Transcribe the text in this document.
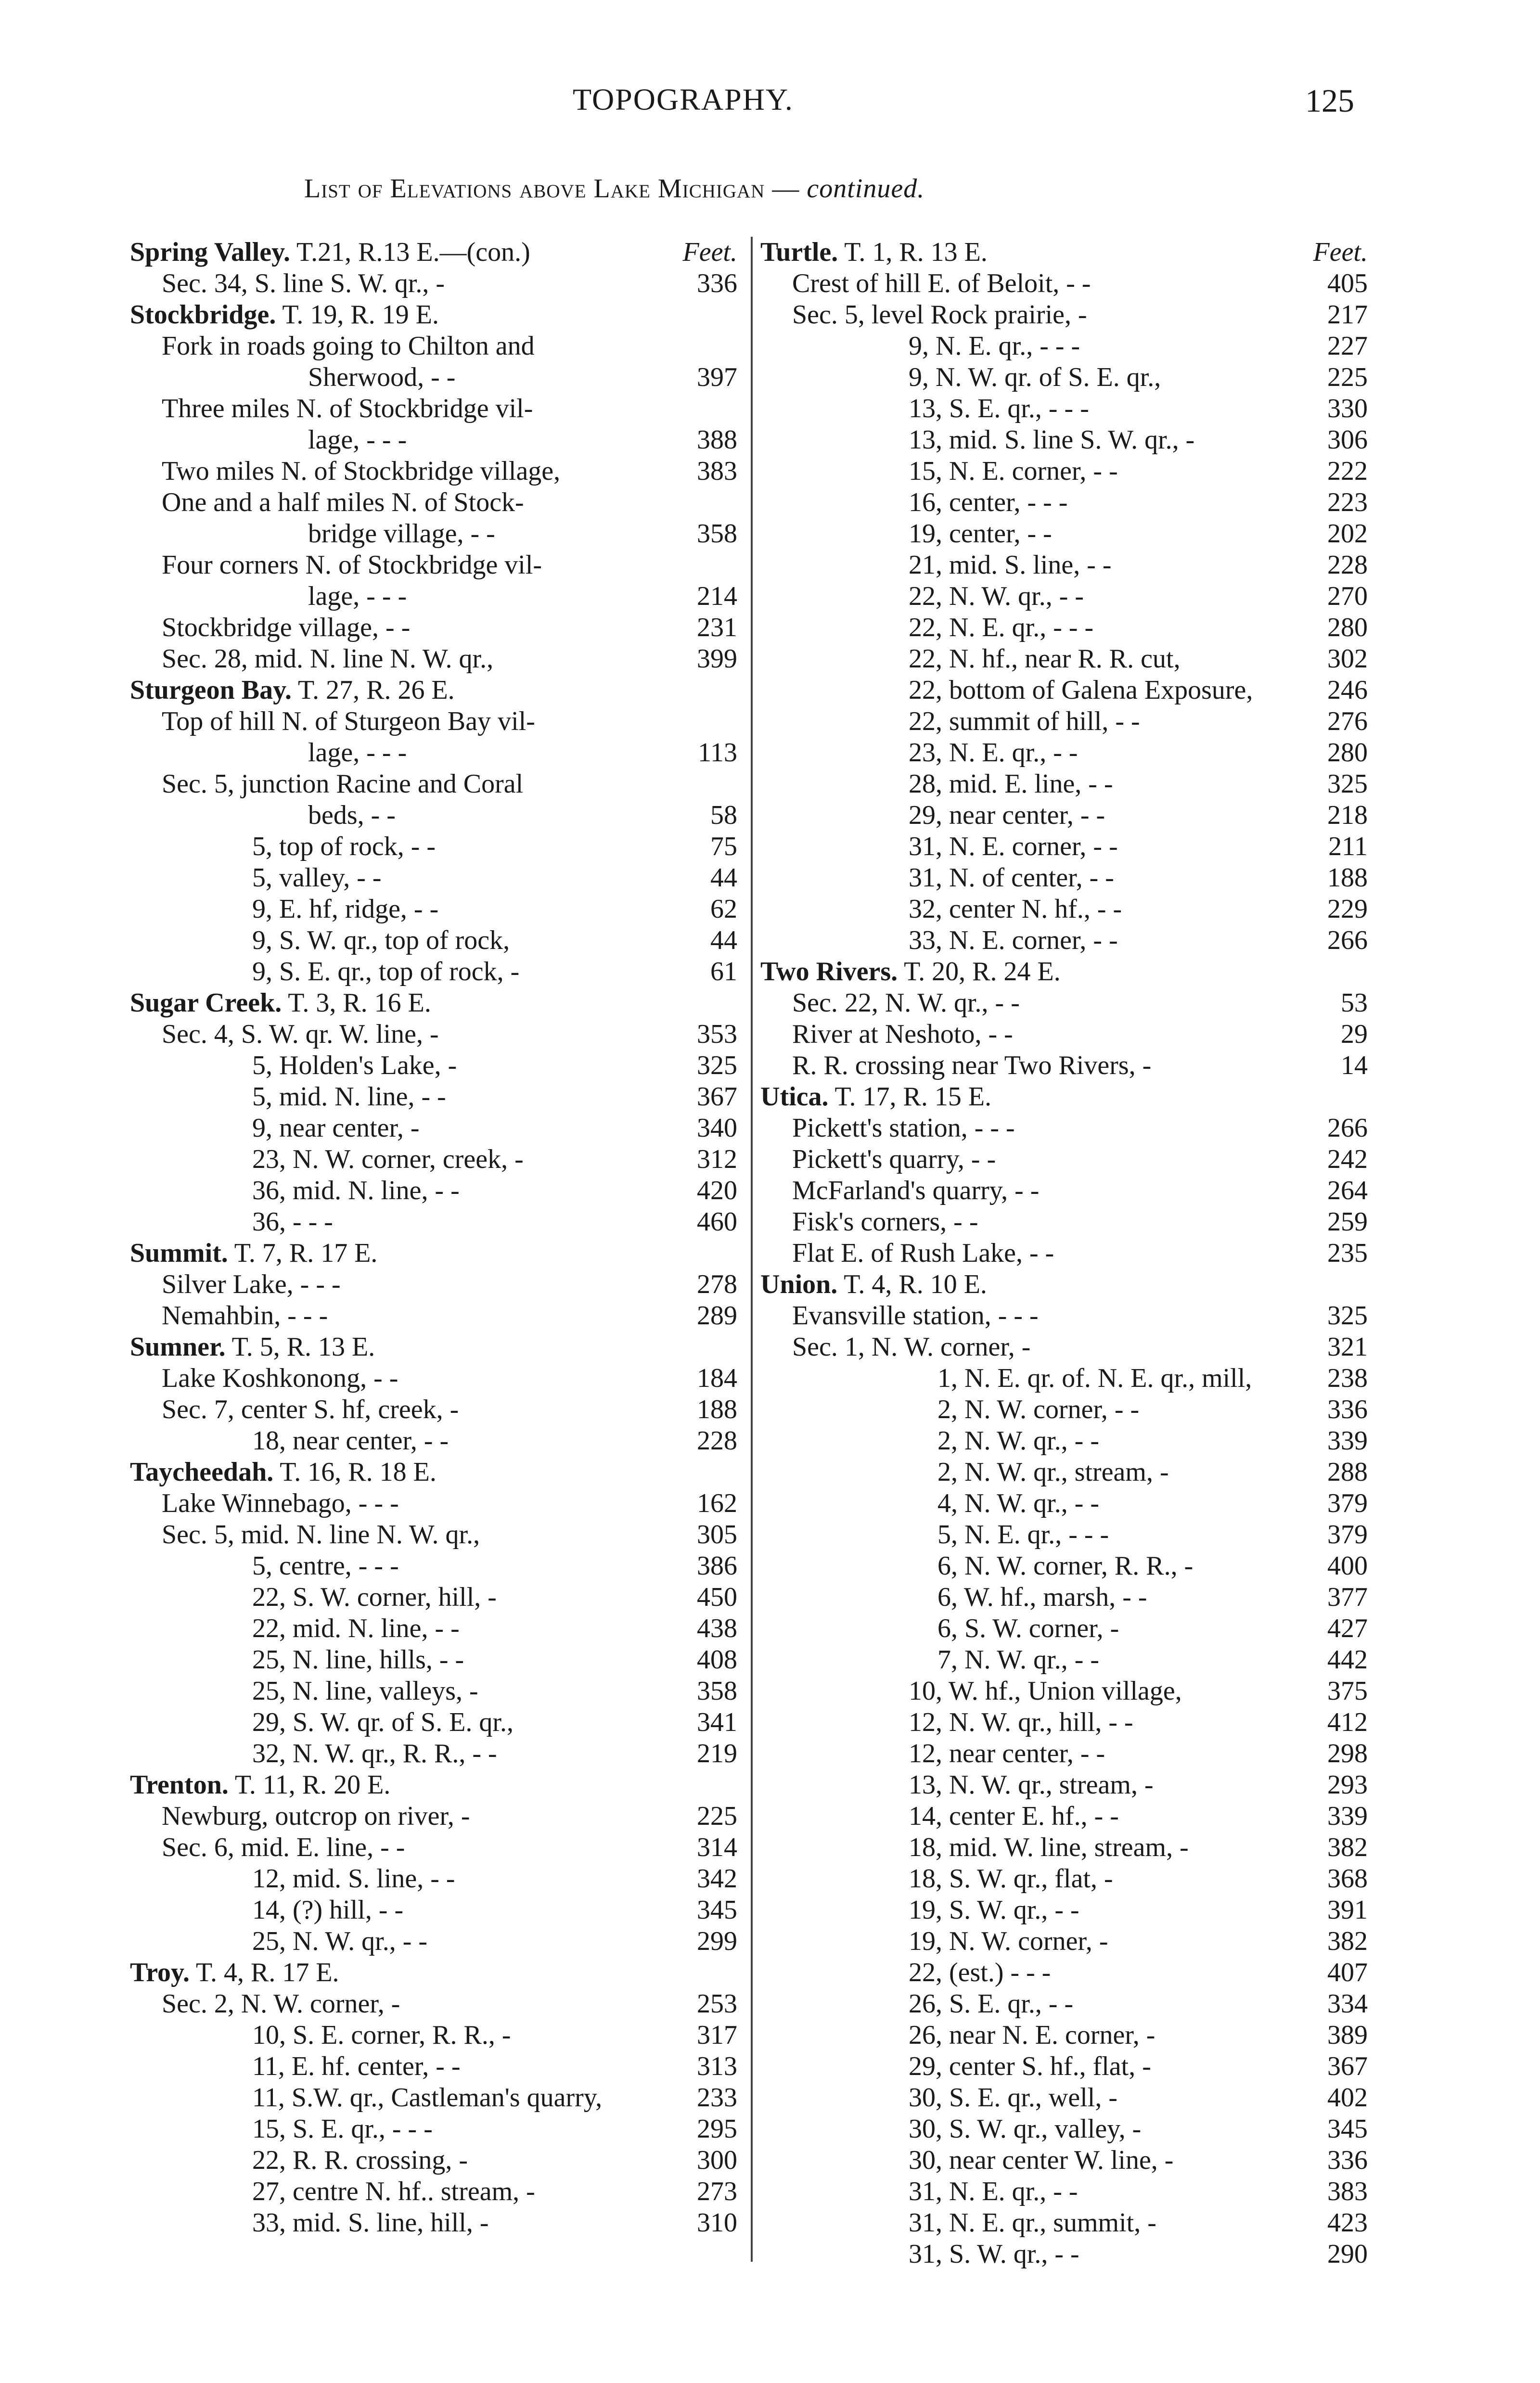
TOPOGRAPHY.	125
List of Elevations above Lake Michigan — continued.
Spring Valley. T.21, R.13 E.—(con.)	Feet.
Sec. 34, S. line S. W. qr., -	336
Stockbridge. T. 19, R. 19 E.
Fork in roads going to Chilton and
Sherwood, - -	397
Three miles N. of Stockbridge vil-
lage, - - -	388
Two miles N. of Stockbridge village,	383
One and a half miles N. of Stock-
bridge village, - -	358
Four corners N. of Stockbridge vil-
lage, - - -	214
Stockbridge village, - -	231
Sec. 28, mid. N. line N. W. qr.,	399
Sturgeon Bay. T. 27, R. 26 E.
Top of hill N. of Sturgeon Bay vil-
lage, - - -	113
Sec. 5, junction Racine and Coral
beds, - -	58
5, top of rock, - -	75
5, valley, - -	44
9, E. hf, ridge, - -	62
9, S. W. qr., top of rock,	44
9, S. E. qr., top of rock, -	61
Sugar Creek. T. 3, R. 16 E.
Sec. 4, S. W. qr. W. line, -	353
5, Holden's Lake, -	325
5, mid. N. line, - -	367
9, near center, -	340
23, N. W. corner, creek, -	312
36, mid. N. line, - -	420
36, - - -	460
Summit. T. 7, R. 17 E.
Silver Lake, - - -	278
Nemahbin, - - -	289
Sumner. T. 5, R. 13 E.
Lake Koshkonong, - -	184
Sec. 7, center S. hf, creek, -	188
18, near center, - -	228
Taycheedah. T. 16, R. 18 E.
Lake Winnebago, - - -	162
Sec. 5, mid. N. line N. W. qr.,	305
5, centre, - - -	386
22, S. W. corner, hill, -	450
22, mid. N. line, - -	438
25, N. line, hills, - -	408
25, N. line, valleys, -	358
29, S. W. qr. of S. E. qr.,	341
32, N. W. qr., R. R., - -	219
Trenton. T. 11, R. 20 E.
Newburg, outcrop on river, -	225
Sec. 6, mid. E. line, - -	314
12, mid. S. line, - -	342
14, (?) hill, - -	345
25, N. W. qr., - -	299
Troy. T. 4, R. 17 E.
Sec. 2, N. W. corner, -	253
10, S. E. corner, R. R., -	317
11, E. hf. center, - -	313
11, S.W. qr., Castleman's quarry,	233
15, S. E. qr., - - -	295
22, R. R. crossing, -	300
27, centre N. hf.. stream, -	273
33, mid. S. line, hill, -	310
Turtle. T. 1, R. 13 E.	Feet.
Crest of hill E. of Beloit, - -	405
Sec. 5, level Rock prairie, -	217
9, N. E. qr., - - -	227
9, N. W. qr. of S. E. qr.,	225
13, S. E. qr., - - -	330
13, mid. S. line S. W. qr., -	306
15, N. E. corner, - -	222
16, center, - - -	223
19, center, - -	202
21, mid. S. line, - -	228
22, N. W. qr., - -	270
22, N. E. qr., - - -	280
22, N. hf., near R. R. cut,	302
22, bottom of Galena Exposure,	246
22, summit of hill, - -	276
23, N. E. qr., - -	280
28, mid. E. line, - -	325
29, near center, - -	218
31, N. E. corner, - -	211
31, N. of center, - -	188
32, center N. hf., - -	229
33, N. E. corner, - -	266
Two Rivers. T. 20, R. 24 E.
Sec. 22, N. W. qr., - -	53
River at Neshoto, - -	29
R. R. crossing near Two Rivers, -	14
Utica. T. 17, R. 15 E.
Pickett's station, - - -	266
Pickett's quarry, - -	242
McFarland's quarry, - -	264
Fisk's corners, - -	259
Flat E. of Rush Lake, - -	235
Union. T. 4, R. 10 E.
Evansville station, - - -	325
Sec. 1, N. W. corner, -	321
1, N. E. qr. of. N. E. qr., mill,	238
2, N. W. corner, - -	336
2, N. W. qr., - -	339
2, N. W. qr., stream, -	288
4, N. W. qr., - -	379
5, N. E. qr., - - -	379
6, N. W. corner, R. R., -	400
6, W. hf., marsh, - -	377
6, S. W. corner, -	427
7, N. W. qr., - -	442
10, W. hf., Union village,	375
12, N. W. qr., hill, - -	412
12, near center, - -	298
13, N. W. qr., stream, -	293
14, center E. hf., - -	339
18, mid. W. line, stream, -	382
18, S. W. qr., flat, -	368
19, S. W. qr., - -	391
19, N. W. corner, -	382
22, (est.) - - -	407
26, S. E. qr., - -	334
26, near N. E. corner, -	389
29, center S. hf., flat, -	367
30, S. E. qr., well, -	402
30, S. W. qr., valley, -	345
30, near center W. line, -	336
31, N. E. qr., - -	383
31, N. E. qr., summit, -	423
31, S. W. qr., - -	290
